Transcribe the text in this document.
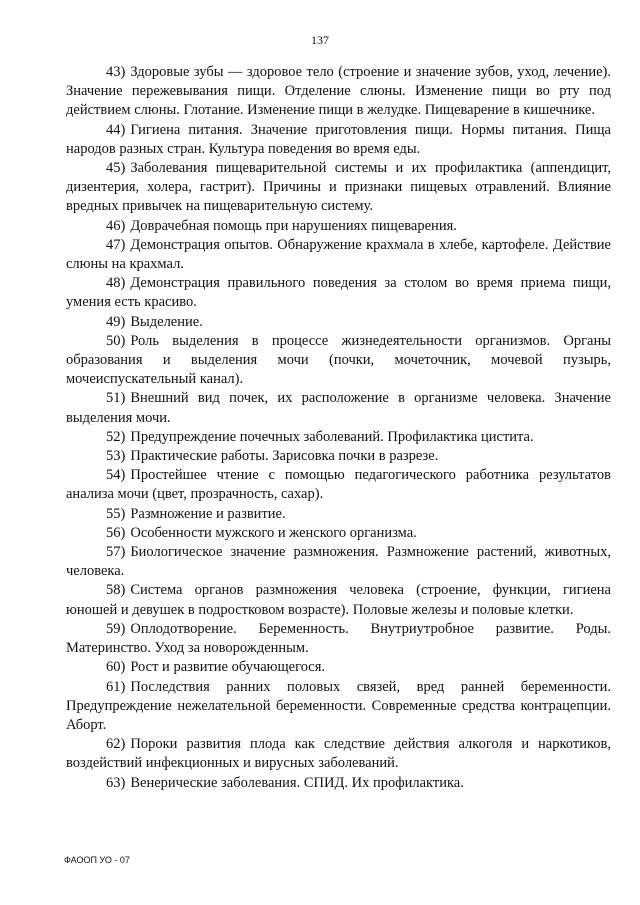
137

43) Здоровые зубы — здоровое тело (строение и значение зубов, уход, лечение). Значение пережевывания пищи. Отделение слюны. Изменение пищи во рту под действием слюны. Глотание. Изменение пищи в желудке. Пищеварение в кишечнике.

44) Гигиена питания. Значение приготовления пищи. Нормы питания. Пища народов разных стран. Культура поведения во время еды.

45) Заболевания пищеварительной системы и их профилактика (аппендицит, дизентерия, холера, гастрит). Причины и признаки пищевых отравлений. Влияние вредных привычек на пищеварительную систему.

46) Доврачебная помощь при нарушениях пищеварения.

47) Демонстрация опытов. Обнаружение крахмала в хлебе, картофеле. Действие слюны на крахмал.

48) Демонстрация правильного поведения за столом во время приема пищи, умения есть красиво.

49) Выделение.

50) Роль выделения в процессе жизнедеятельности организмов. Органы образования и выделения мочи (почки, мочеточник, мочевой пузырь, мочеиспускательный канал).

51) Внешний вид почек, их расположение в организме человека. Значение выделения мочи.

52) Предупреждение почечных заболеваний. Профилактика цистита.

53) Практические работы. Зарисовка почки в разрезе.

54) Простейшее чтение с помощью педагогического работника результатов анализа мочи (цвет, прозрачность, сахар).

55) Размножение и развитие.

56) Особенности мужского и женского организма.

57) Биологическое значение размножения. Размножение растений, животных, человека.

58) Система органов размножения человека (строение, функции, гигиена юношей и девушек в подростковом возрасте). Половые железы и половые клетки.

59) Оплодотворение. Беременность. Внутриутробное развитие. Роды. Материнство. Уход за новорожденным.

60) Рост и развитие обучающегося.

61) Последствия ранних половых связей, вред ранней беременности. Предупреждение нежелательной беременности. Современные средства контрацепции. Аборт.

62) Пороки развития плода как следствие действия алкоголя и наркотиков, воздействий инфекционных и вирусных заболеваний.

63) Венерические заболевания. СПИД. Их профилактика.

ФАООП УО - 07
